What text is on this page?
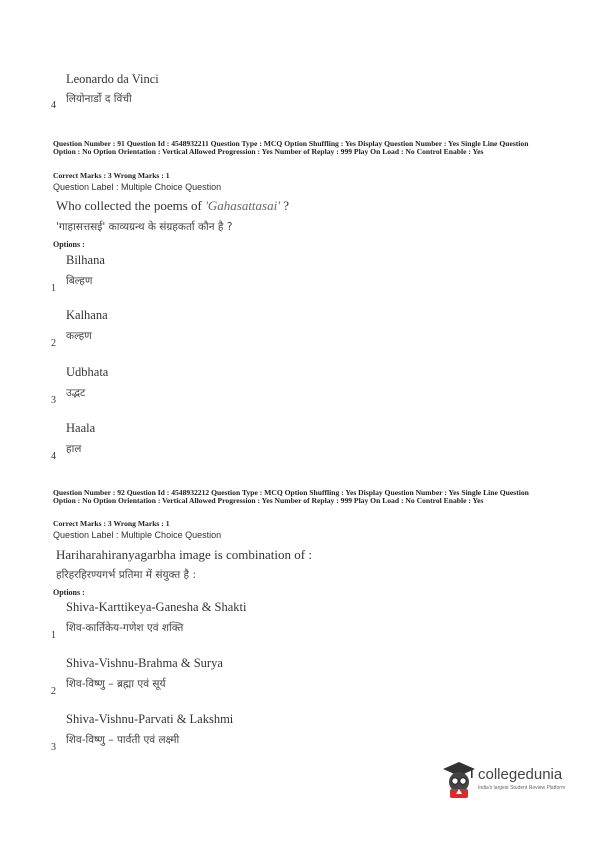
Leonardo da Vinci
4
लियोनार्डो द विंची
Question Number : 91 Question Id : 4548932211 Question Type : MCQ Option Shuffling : Yes Display Question Number : Yes Single Line Question Option : No Option Orientation : Vertical Allowed Progression : Yes Number of Replay : 999 Play On Load : No Control Enable : Yes
Correct Marks : 3 Wrong Marks : 1
Question Label : Multiple Choice Question
Who collected the poems of 'Gahasattasai' ?
'गाहासत्तसई' काव्यग्रन्थ के संग्रहकर्ता कौन है ?
Options :
Bilhana
बिल्हण
1
Kalhana
कल्हण
2
Udbhata
उद्भट
3
Haala
हाल
4
Question Number : 92 Question Id : 4548932212 Question Type : MCQ Option Shuffling : Yes Display Question Number : Yes Single Line Question Option : No Option Orientation : Vertical Allowed Progression : Yes Number of Replay : 999 Play On Load : No Control Enable : Yes
Correct Marks : 3 Wrong Marks : 1
Question Label : Multiple Choice Question
Hariharahiranyagarbha image is combination of :
हरिहरहिरण्यगर्भ प्रतिमा में संयुक्त है :
Options :
Shiva-Karttikeya-Ganesha & Shakti
शिव-कार्तिकेय-गणेश एवं शक्ति
1
Shiva-Vishnu-Brahma & Surya
शिव-विष्णु – ब्रह्मा एवं सूर्य
2
Shiva-Vishnu-Parvati & Lakshmi
शिव-विष्णु – पार्वती एवं लक्ष्मी
3
collegedunia
India's largest Student Review Platform
